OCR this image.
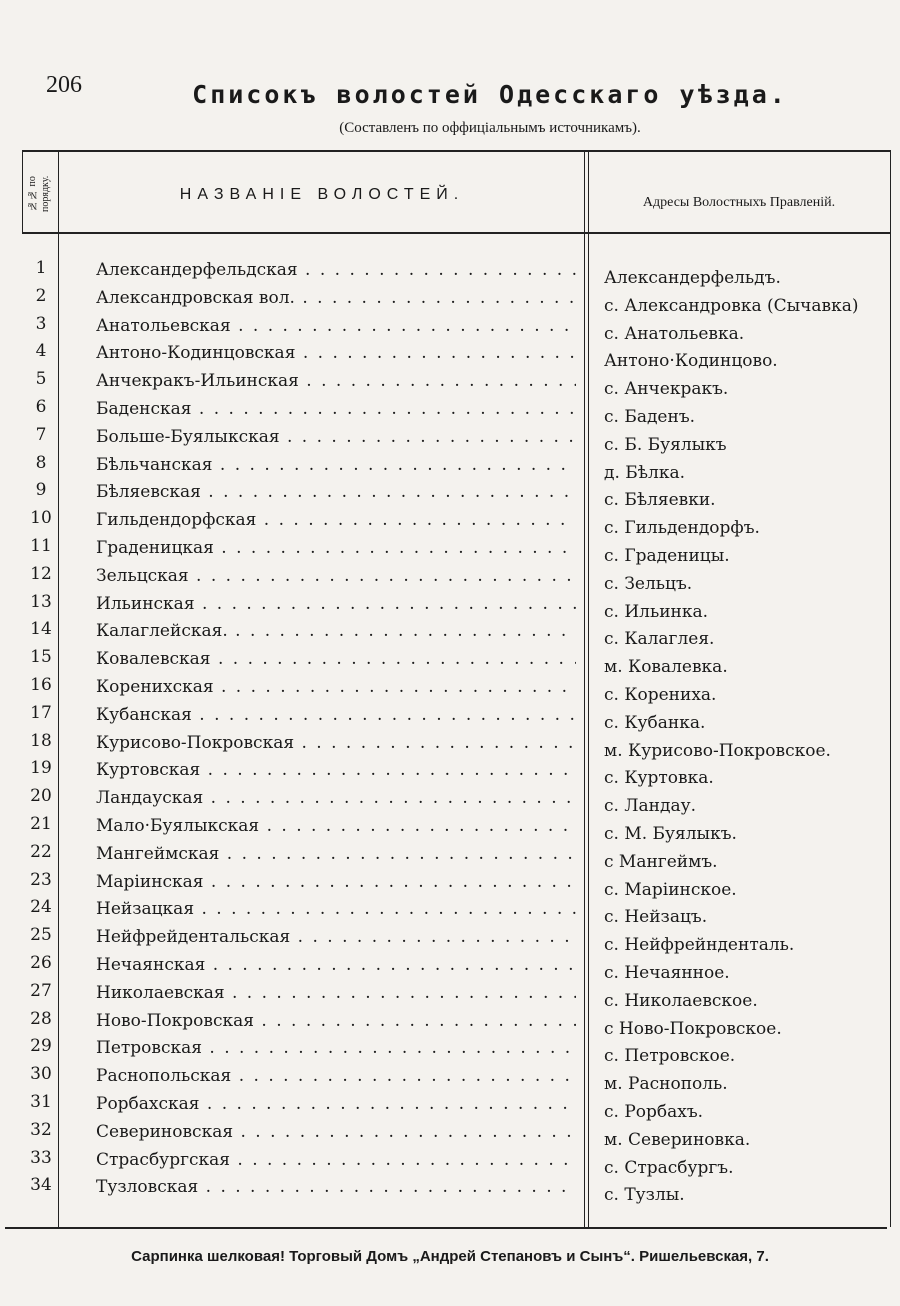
206	Списокъ волостей Одесскаго уѣзда.
(Составленъ по оффиціальнымъ источникамъ).
№№ по порядку.	НАЗВАНІЕ ВОЛОСТЕЙ.	Адресы Волостныхъ Правленій.
1	Александерфельдская . . .	Александерфельдъ.
2	Александровская вол. . . .	с. Александровка (Сычавка)
3	Анатольевская . . .	с. Анатольевка.
4	Антоно-Кодинцовская . . .	Антоно·Кодинцово.
5	Анчекракъ-Ильинская . . .	с. Анчекракъ.
6	Баденская . . .	с. Баденъ.
7	Больше-Буялыкская . . .	с. Б. Буялыкъ
8	Бѣльчанская . . .	д. Бѣлка.
9	Бѣляевская . . .	с. Бѣляевки.
10	Гильдендорфская . . .	с. Гильдендорфъ.
11	Граденицкая . . .	с. Граденицы.
12	Зельцская . . .	с. Зельцъ.
13	Ильинская . . .	с. Ильинка.
14	Калаглейская. . . .	с. Калаглея.
15	Ковалевская . . .	м. Ковалевка.
16	Коренихская . . .	с. Корениха.
17	Кубанская . . .	с. Кубанка.
18	Курисово-Покровская . . .	м. Курисово-Покровское.
19	Куртовская . . .	с. Куртовка.
20	Ландауская . . .	с. Ландау.
21	Мало·Буялыкская . . .	с. М. Буялыкъ.
22	Мангеймская . . .	с Мангеймъ.
23	Маріинская . . .	с. Маріинское.
24	Нейзацкая . . .	с. Нейзацъ.
25	Нейфрейдентальская . . .	с. Нейфрейнденталь.
26	Нечаянская . . .	с. Нечаянное.
27	Николаевская . . .	с. Николаевское.
28	Ново-Покровская . . .	с Ново-Покровское.
29	Петровская . . .	с. Петровское.
30	Раснопольская . . .	м. Раснополь.
31	Рорбахская . . .	с. Рорбахъ.
32	Севериновская . . .	м. Севериновка.
33	Страсбургская . . .	с. Страсбургъ.
34	Тузловская . . .	с. Тузлы.
Сарпинка шелковая! Торговый Домъ „Андрей Степановъ и Сынъ“. Ришельевская, 7.
